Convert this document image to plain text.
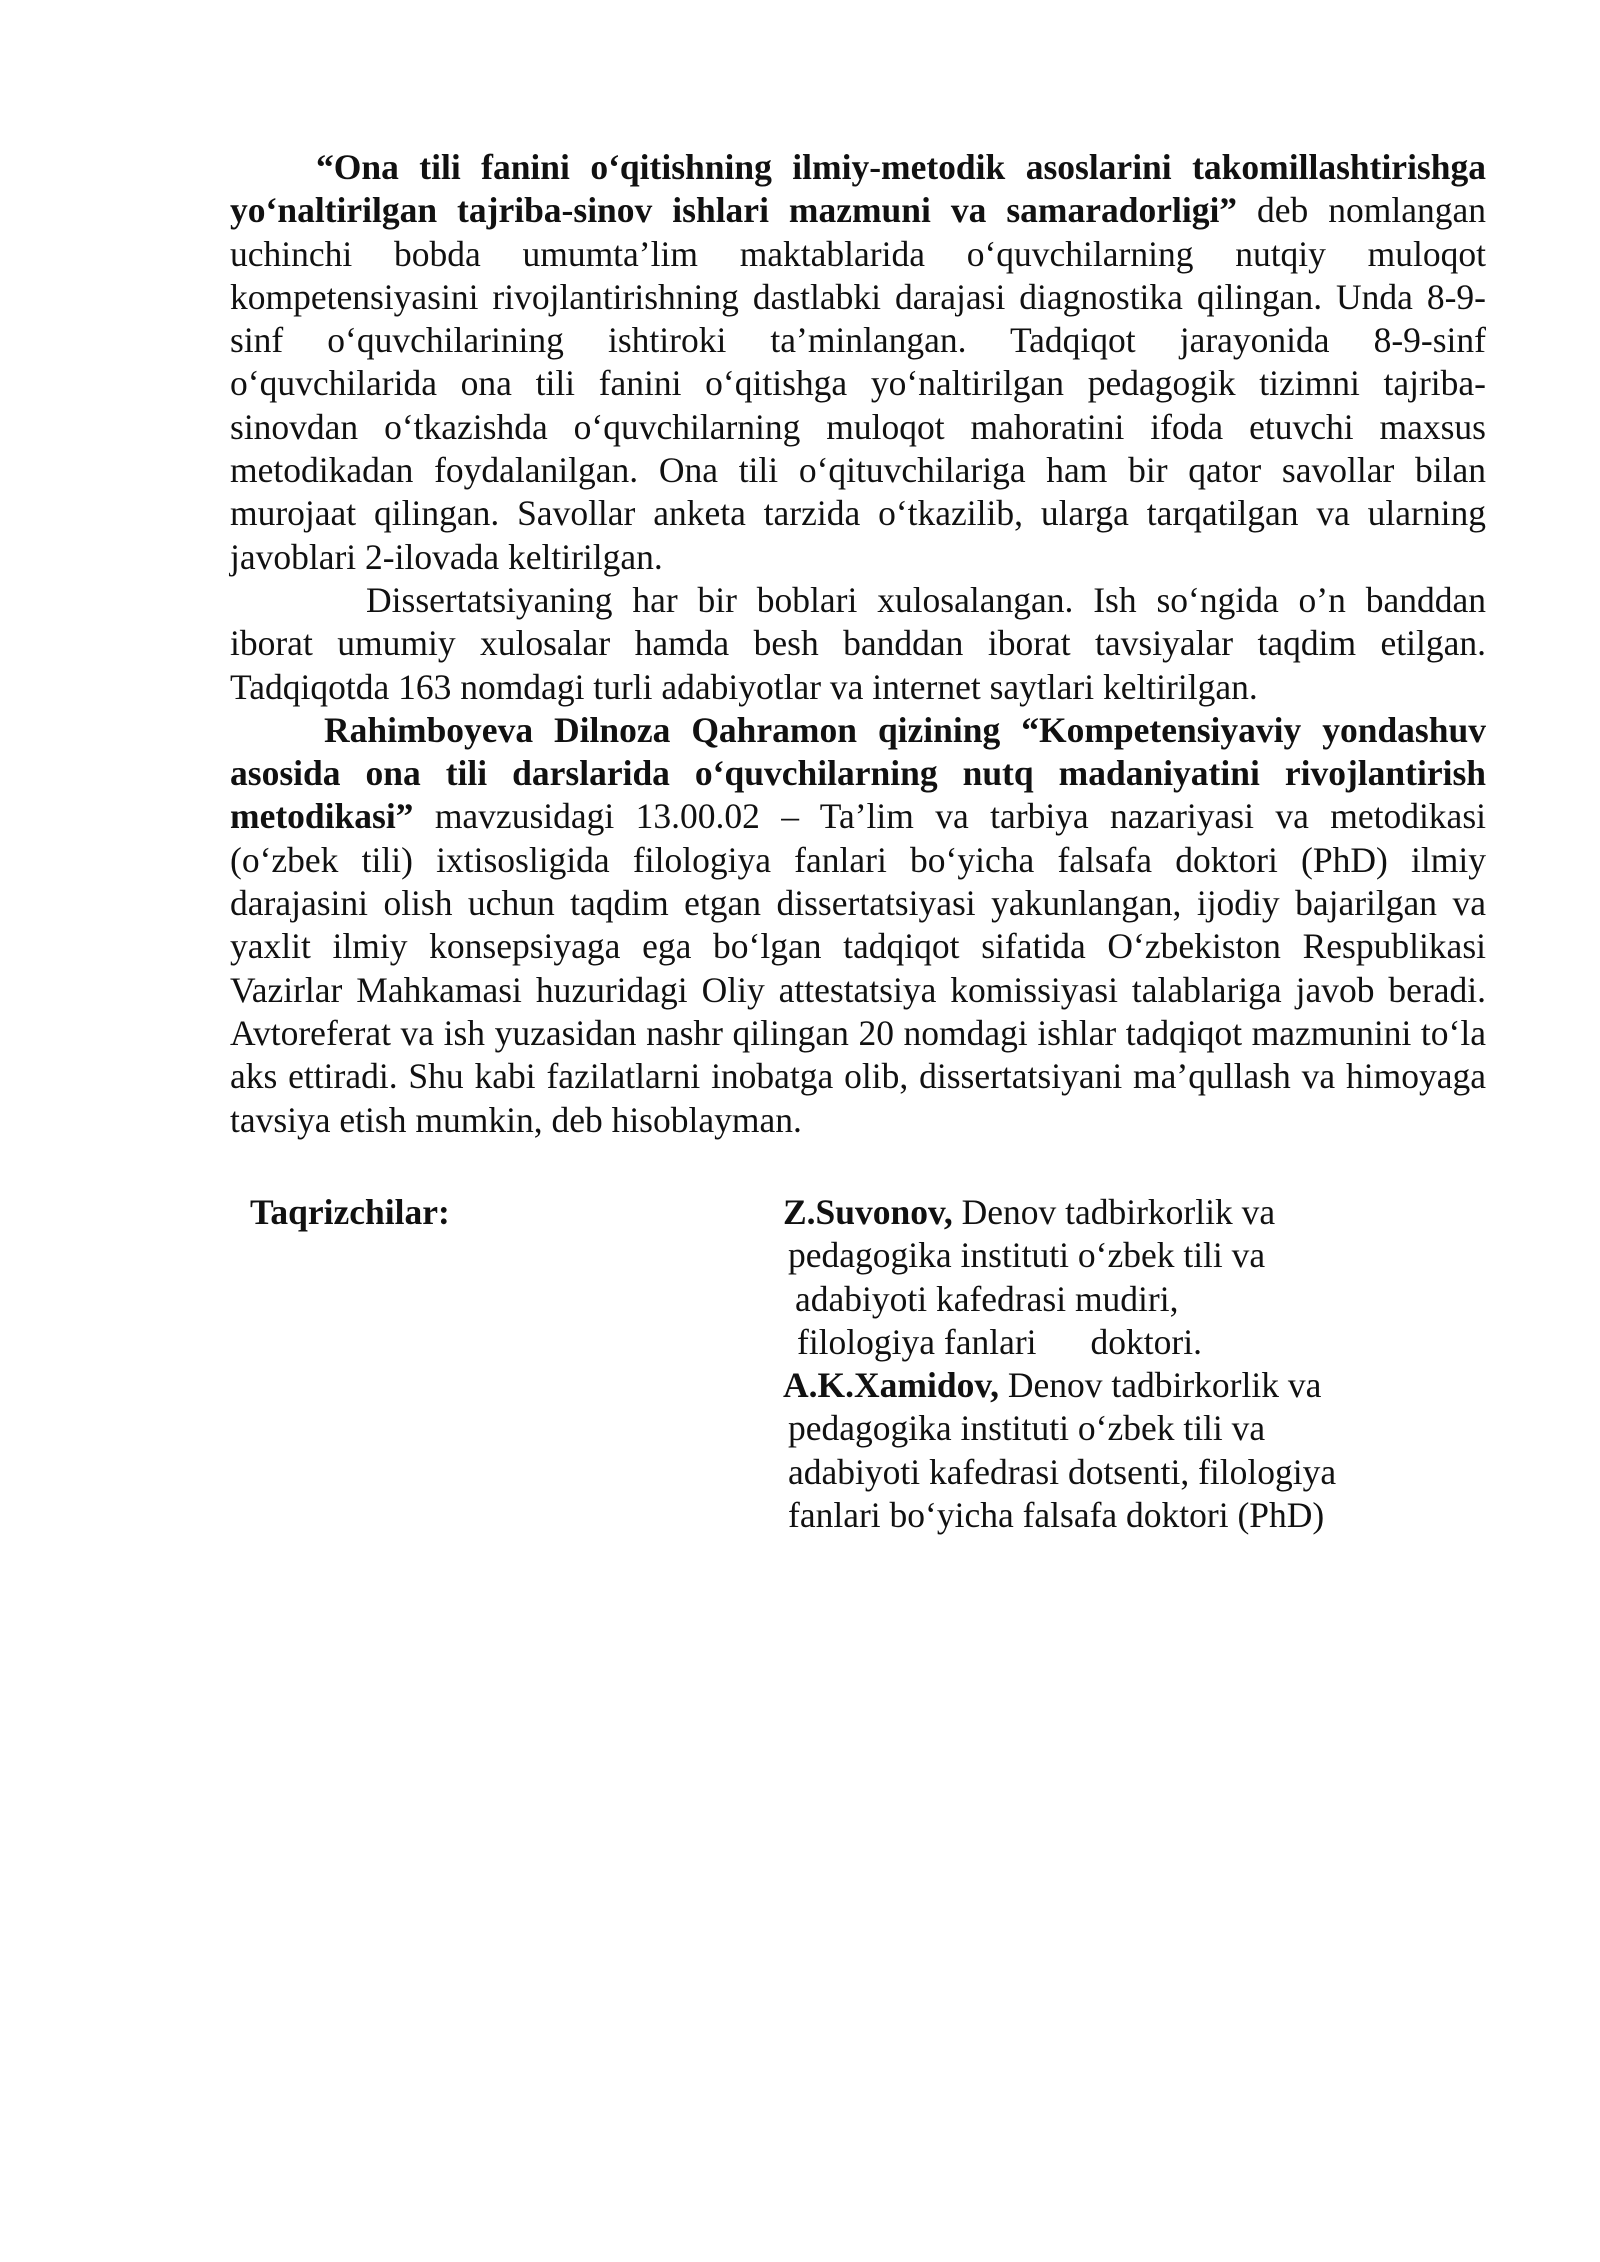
“Ona tili fanini o‘qitishning ilmiy-metodik asoslarini takomillashtirishga yo‘naltirilgan tajriba-sinov ishlari mazmuni va samaradorligi” deb nomlangan uchinchi bobda umumta’lim maktablarida o‘quvchilarning nutqiy muloqot kompetensiyasini rivojlantirishning dastlabki darajasi diagnostika qilingan. Unda 8-9-sinf o‘quvchilarining ishtiroki ta’minlangan. Tadqiqot jarayonida 8-9-sinf o‘quvchilarida ona tili fanini o‘qitishga yo‘naltirilgan pedagogik tizimni tajriba-sinovdan o‘tkazishda o‘quvchilarning muloqot mahoratini ifoda etuvchi maxsus metodikadan foydalanilgan. Ona tili o‘qituvchilariga ham bir qator savollar bilan murojaat qilingan. Savollar anketa tarzida o‘tkazilib, ularga tarqatilgan va ularning javoblari 2-ilovada keltirilgan.

Dissertatsiyaning har bir boblari xulosalangan. Ish so‘ngida o’n banddan iborat umumiy xulosalar hamda besh banddan iborat tavsiyalar taqdim etilgan. Tadqiqotda 163 nomdagi turli adabiyotlar va internet saytlari keltirilgan.

Rahimboyeva Dilnoza Qahramon qizining “Kompetensiyaviy yondashuv asosida ona tili darslarida o‘quvchilarning nutq madaniyatini rivojlantirish metodikasi” mavzusidagi 13.00.02 – Ta’lim va tarbiya nazariyasi va metodikasi (o‘zbek tili) ixtisosligida filologiya fanlari bo‘yicha falsafa doktori (PhD) ilmiy darajasini olish uchun taqdim etgan dissertatsiyasi yakunlangan, ijodiy bajarilgan va yaxlit ilmiy konsepsiyaga ega bo‘lgan tadqiqot sifatida O‘zbekiston Respublikasi Vazirlar Mahkamasi huzuridagi Oliy attestatsiya komissiyasi talablariga javob beradi. Avtoreferat va ish yuzasidan nashr qilingan 20 nomdagi ishlar tadqiqot mazmunini to‘la aks ettiradi. Shu kabi fazilatlarni inobatga olib, dissertatsiyani ma’qullash va himoyaga tavsiya etish mumkin, deb hisoblayman.

Taqrizchilar:	Z.Suvonov, Denov tadbirkorlik va
pedagogika instituti o‘zbek tili va
adabiyoti kafedrasi mudiri,
filologiya fanlari doktori.
A.K.Xamidov, Denov tadbirkorlik va
pedagogika instituti o‘zbek tili va
adabiyoti kafedrasi dotsenti, filologiya
fanlari bo‘yicha falsafa doktori (PhD)
